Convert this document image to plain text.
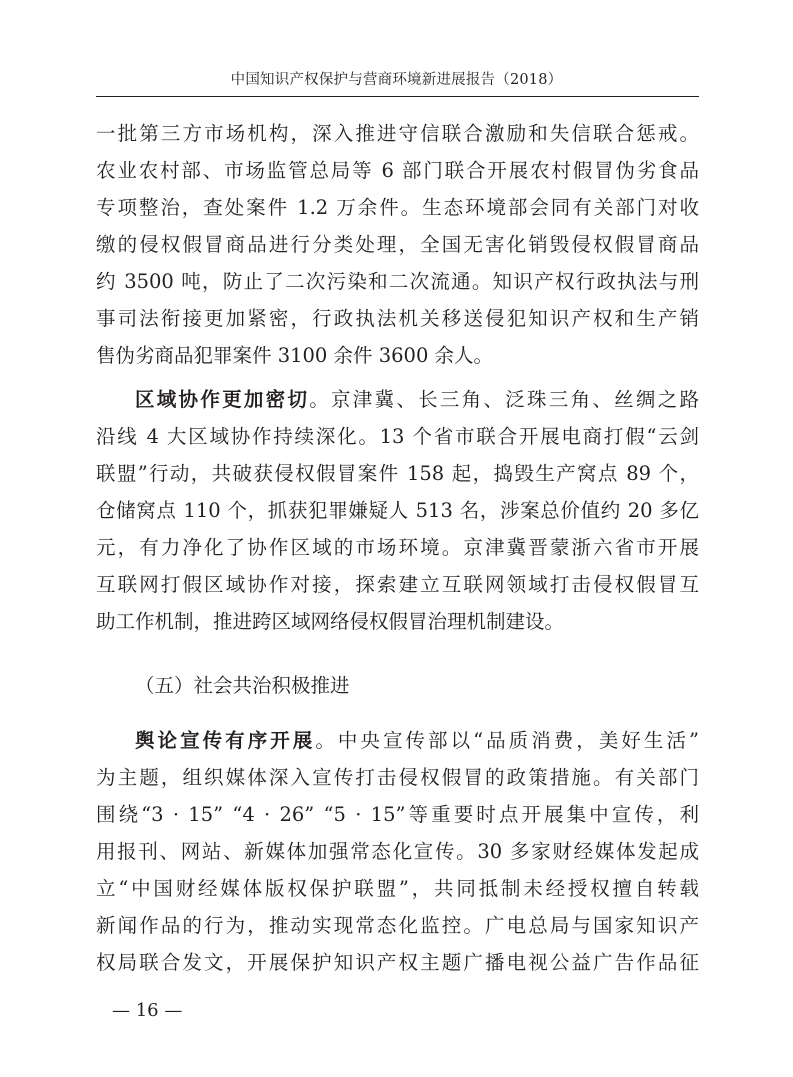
中国知识产权保护与营商环境新进展报告（2018）
一批第三方市场机构，深入推进守信联合激励和失信联合惩戒。
农业农村部、市场监管总局等 6 部门联合开展农村假冒伪劣食品
专项整治，查处案件 1.2 万余件。生态环境部会同有关部门对收
缴的侵权假冒商品进行分类处理，全国无害化销毁侵权假冒商品
约 3500 吨，防止了二次污染和二次流通。知识产权行政执法与刑
事司法衔接更加紧密，行政执法机关移送侵犯知识产权和生产销
售伪劣商品犯罪案件 3100 余件 3600 余人。
区域协作更加密切。京津冀、长三角、泛珠三角、丝绸之路
沿线 4 大区域协作持续深化。13 个省市联合开展电商打假“云剑
联盟”行动，共破获侵权假冒案件 158 起，捣毁生产窝点 89 个，
仓储窝点 110 个，抓获犯罪嫌疑人 513 名，涉案总价值约 20 多亿
元，有力净化了协作区域的市场环境。京津冀晋蒙浙六省市开展
互联网打假区域协作对接，探索建立互联网领域打击侵权假冒互
助工作机制，推进跨区域网络侵权假冒治理机制建设。
（五）社会共治积极推进
舆论宣传有序开展。中央宣传部以“品质消费，美好生活”
为主题，组织媒体深入宣传打击侵权假冒的政策措施。有关部门
围绕“3 · 15” “4 · 26” “5 · 15”等重要时点开展集中宣传，利
用报刊、网站、新媒体加强常态化宣传。30 多家财经媒体发起成
立“中国财经媒体版权保护联盟”，共同抵制未经授权擅自转载
新闻作品的行为，推动实现常态化监控。广电总局与国家知识产
权局联合发文，开展保护知识产权主题广播电视公益广告作品征
— 16 —
